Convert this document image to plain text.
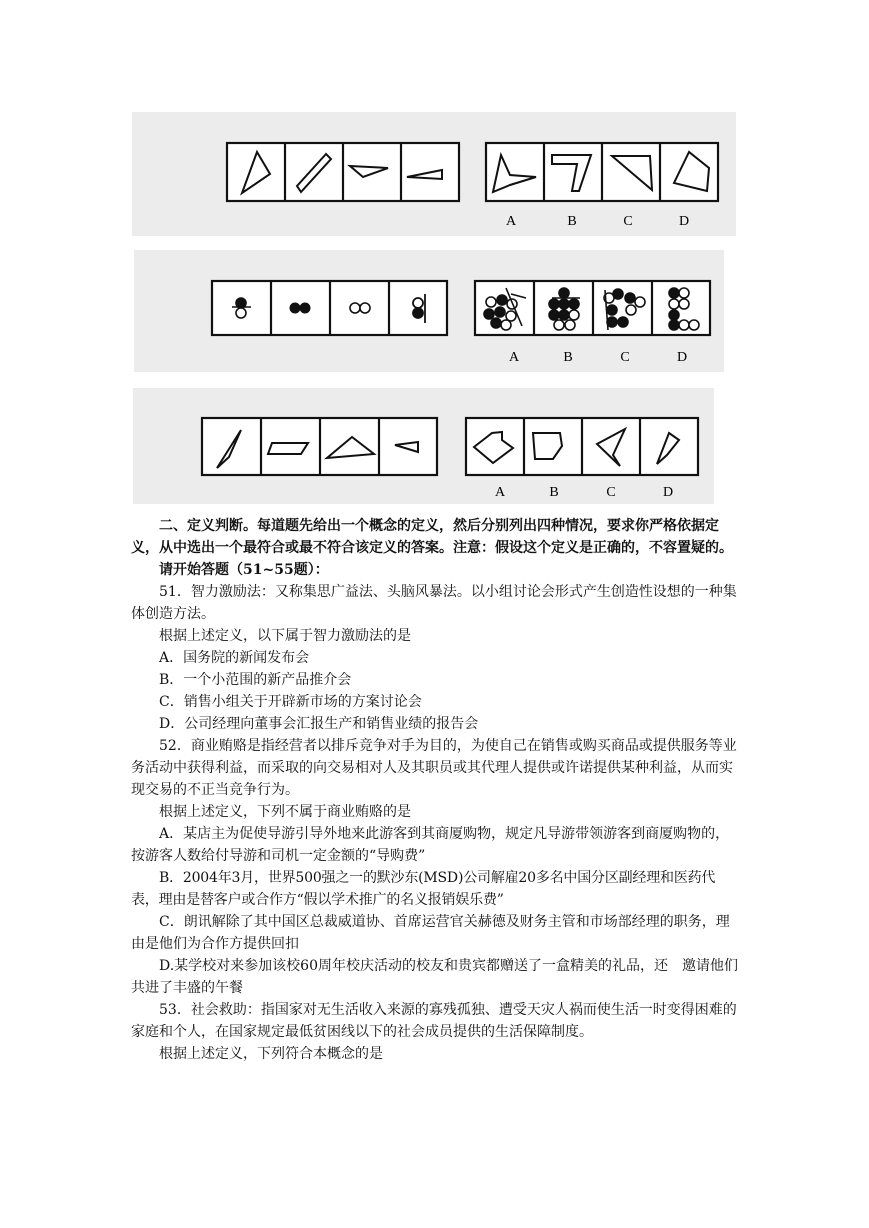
A	B	C	D
A	B	C	D
A	B	C	D

二、定义判断。每道题先给出一个概念的定义，然后分别列出四种情况，要求你严格依据定义，从中选出一个最符合或最不符合该定义的答案。注意：假设这个定义是正确的，不容置疑的。

请开始答题（51~55题）：

51．智力激励法：又称集思广益法、头脑风暴法。以小组讨论会形式产生创造性设想的一种集体创造方法。

根据上述定义，以下属于智力激励法的是

A．国务院的新闻发布会

B．一个小范围的新产品推介会

C．销售小组关于开辟新市场的方案讨论会

D．公司经理向董事会汇报生产和销售业绩的报告会

52．商业贿赂是指经营者以排斥竞争对手为目的，为使自己在销售或购买商品或提供服务等业务活动中获得利益，而采取的向交易相对人及其职员或其代理人提供或许诺提供某种利益，从而实现交易的不正当竞争行为。

根据上述定义，下列不属于商业贿赂的是

A．某店主为促使导游引导外地来此游客到其商厦购物，规定凡导游带领游客到商厦购物的，按游客人数给付导游和司机一定金额的“导购费”

B．2004年3月，世界500强之一的默沙东(MSD)公司解雇20多名中国分区副经理和医药代表，理由是替客户或合作方“假以学术推广的名义报销娱乐费”

C．朗讯解除了其中国区总裁威道协、首席运营官关赫德及财务主管和市场部经理的职务，理由是他们为合作方提供回扣

D.某学校对来参加该校60周年校庆活动的校友和贵宾都赠送了一盒精美的礼品，还　邀请他们共进了丰盛的午餐

53．社会救助：指国家对无生活收入来源的寡残孤独、遭受天灾人祸而使生活一时变得困难的家庭和个人，在国家规定最低贫困线以下的社会成员提供的生活保障制度。

根据上述定义，下列符合本概念的是
